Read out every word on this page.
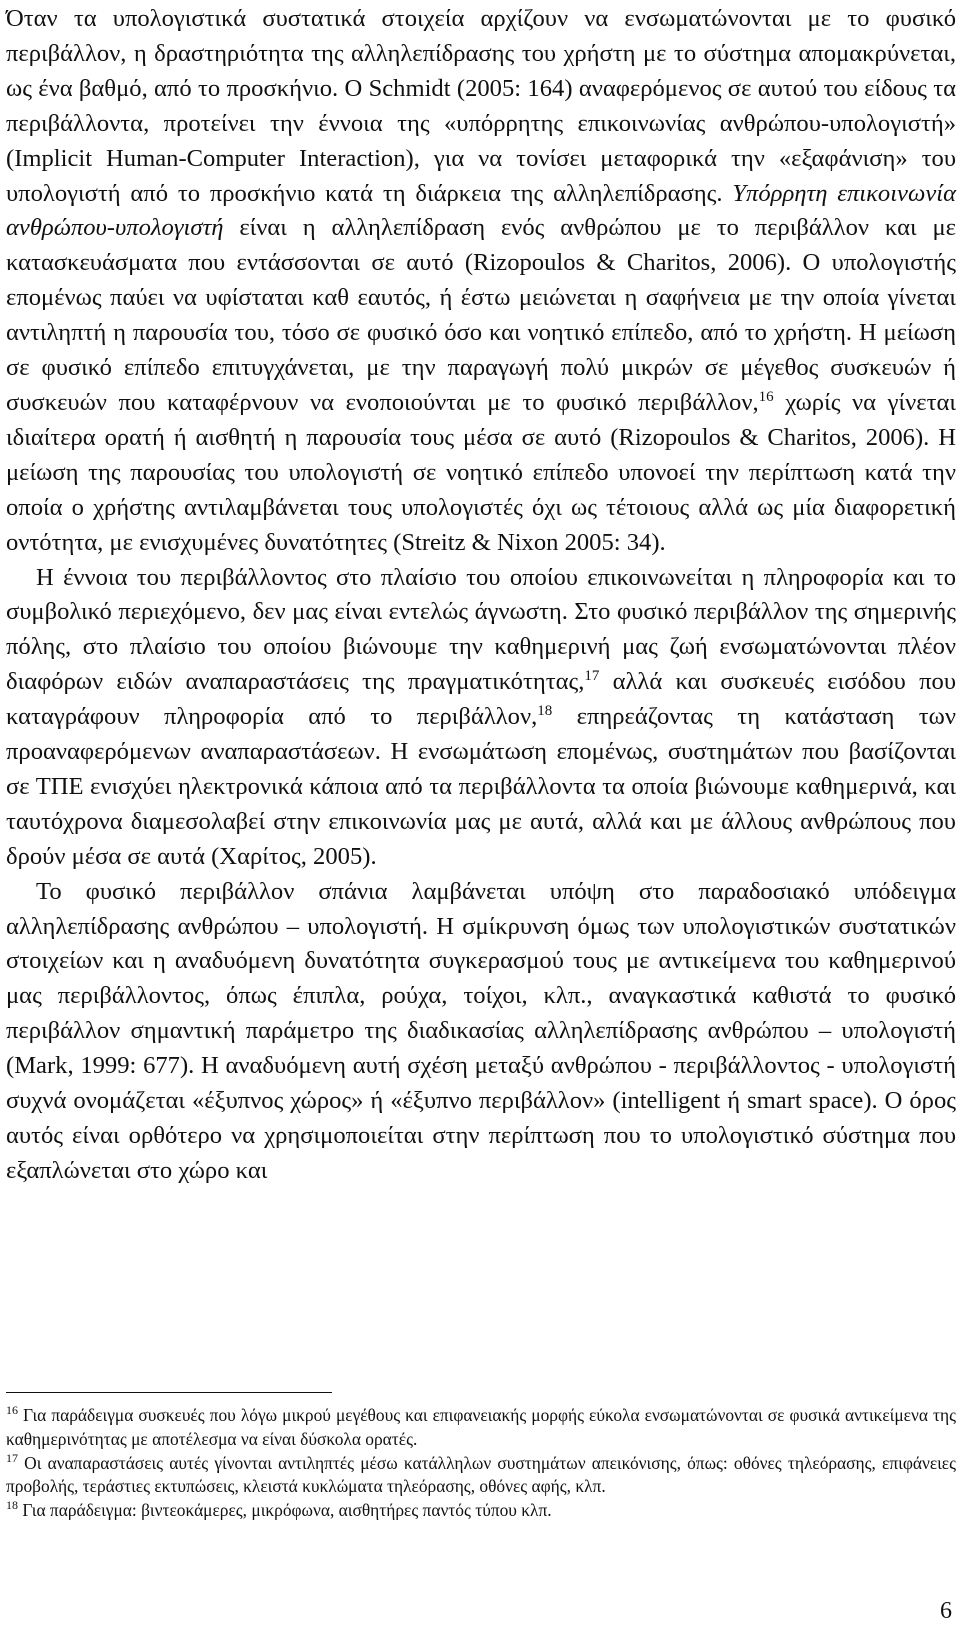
Όταν τα υπολογιστικά συστατικά στοιχεία αρχίζουν να ενσωματώνονται με το φυσικό περιβάλλον, η δραστηριότητα της αλληλεπίδρασης του χρήστη με το σύστημα απομακρύνεται, ως ένα βαθμό, από το προσκήνιο. Ο Schmidt (2005: 164) αναφερόμενος σε αυτού του είδους τα περιβάλλοντα, προτείνει την έννοια της «υπόρρητης επικοινωνίας ανθρώπου-υπολογιστή» (Implicit Human-Computer Interaction), για να τονίσει μεταφορικά την «εξαφάνιση» του υπολογιστή από το προσκήνιο κατά τη διάρκεια της αλληλεπίδρασης. Υπόρρητη επικοινωνία ανθρώπου-υπολογιστή είναι η αλληλεπίδραση ενός ανθρώπου με το περιβάλλον και με κατασκευάσματα που εντάσσονται σε αυτό (Rizopoulos & Charitos, 2006). Ο υπολογιστής επομένως παύει να υφίσταται καθ εαυτός, ή έστω μειώνεται η σαφήνεια με την οποία γίνεται αντιληπτή η παρουσία του, τόσο σε φυσικό όσο και νοητικό επίπεδο, από το χρήστη. Η μείωση σε φυσικό επίπεδο επιτυγχάνεται, με την παραγωγή πολύ μικρών σε μέγεθος συσκευών ή συσκευών που καταφέρνουν να ενοποιούνται με το φυσικό περιβάλλον,$^{16}$ χωρίς να γίνεται ιδιαίτερα ορατή ή αισθητή η παρουσία τους μέσα σε αυτό (Rizopoulos & Charitos, 2006). Η μείωση της παρουσίας του υπολογιστή σε νοητικό επίπεδο υπονοεί την περίπτωση κατά την οποία ο χρήστης αντιλαμβάνεται τους υπολογιστές όχι ως τέτοιους αλλά ως μία διαφορετική οντότητα, με ενισχυμένες δυνατότητες (Streitz & Nixon 2005: 34).

Η έννοια του περιβάλλοντος στο πλαίσιο του οποίου επικοινωνείται η πληροφορία και το συμβολικό περιεχόμενο, δεν μας είναι εντελώς άγνωστη. Στο φυσικό περιβάλλον της σημερινής πόλης, στο πλαίσιο του οποίου βιώνουμε την καθημερινή μας ζωή ενσωματώνονται πλέον διαφόρων ειδών αναπαραστάσεις της πραγματικότητας,$^{17}$ αλλά και συσκευές εισόδου που καταγράφουν πληροφορία από το περιβάλλον,$^{18}$ επηρεάζοντας τη κατάσταση των προαναφερόμενων αναπαραστάσεων. Η ενσωμάτωση επομένως, συστημάτων που βασίζονται σε ΤΠΕ ενισχύει ηλεκτρονικά κάποια από τα περιβάλλοντα τα οποία βιώνουμε καθημερινά, και ταυτόχρονα διαμεσολαβεί στην επικοινωνία μας με αυτά, αλλά και με άλλους ανθρώπους που δρούν μέσα σε αυτά (Χαρίτος, 2005).

Το φυσικό περιβάλλον σπάνια λαμβάνεται υπόψη στο παραδοσιακό υπόδειγμα αλληλεπίδρασης ανθρώπου – υπολογιστή. Η σμίκρυνση όμως των υπολογιστικών συστατικών στοιχείων και η αναδυόμενη δυνατότητα συγκερασμού τους με αντικείμενα του καθημερινού μας περιβάλλοντος, όπως έπιπλα, ρούχα, τοίχοι, κλπ., αναγκαστικά καθιστά το φυσικό περιβάλλον σημαντική παράμετρο της διαδικασίας αλληλεπίδρασης ανθρώπου – υπολογιστή (Mark, 1999: 677). Η αναδυόμενη αυτή σχέση μεταξύ ανθρώπου - περιβάλλοντος - υπολογιστή συχνά ονομάζεται «έξυπνος χώρος» ή «έξυπνο περιβάλλον» (intelligent ή smart space). Ο όρος αυτός είναι ορθότερο να χρησιμοποιείται στην περίπτωση που το υπολογιστικό σύστημα που εξαπλώνεται στο χώρο και

$^{16}$ Για παράδειγμα συσκευές που λόγω μικρού μεγέθους και επιφανειακής μορφής εύκολα ενσωματώνονται σε φυσικά αντικείμενα της καθημερινότητας με αποτέλεσμα να είναι δύσκολα ορατές.

$^{17}$ Οι αναπαραστάσεις αυτές γίνονται αντιληπτές μέσω κατάλληλων συστημάτων απεικόνισης, όπως: οθόνες τηλεόρασης, επιφάνειες προβολής, τεράστιες εκτυπώσεις, κλειστά κυκλώματα τηλεόρασης, οθόνες αφής, κλπ.

$^{18}$ Για παράδειγμα: βιντεοκάμερες, μικρόφωνα, αισθητήρες παντός τύπου κλπ.

6
